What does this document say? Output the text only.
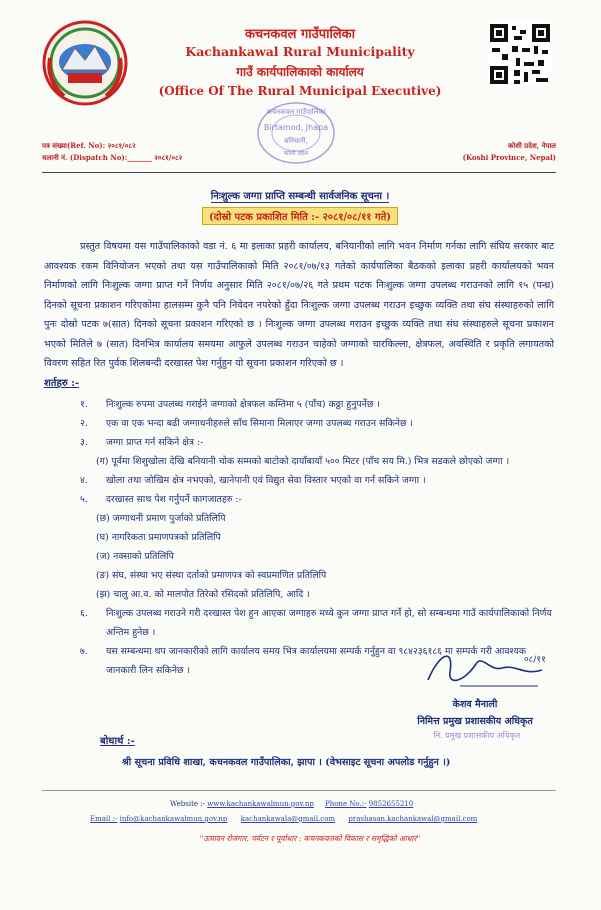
कचनकवल गाउँपालिका
Kachankawal Rural Municipality
गाउँ कार्यपालिकाको कार्यालय
(Office Of The Rural Municipal Executive)
कचनकवल गाउँपालिका
Birtamod, Jhapa
बनियानी,
कोशी प्रदेश
पत्र संख्या(Ref. No): २०८१/०८२
चलानी नं. (Dispatch No):_______ २०८१/०८२
कोशी प्रदेश, नेपाल
(Koshi Province, Nepal)
निःशुल्क जग्गा प्राप्ति सम्बन्धी सार्वजनिक सूचना ।
(दोस्रो पटक प्रकाशित मिति :- २०८१/०८/११ गते)
प्रस्तुत विषयमा यस गाउँपालिकाको वडा नं. ६ मा इलाका प्रहरी कार्यालय, बनियानीको लागि भवन निर्माण गर्नका लागि संघिय सरकार बाट आवश्यक रकम विनियोजन भएको तथा यस गाउँपालिकाको मिति २०८१/०७/१३ गतेको कार्यपालिका बैठकको इलाका प्रहरी कार्यालयको भवन निर्माणको लागि निःशुल्क जग्गा प्राप्त गर्ने निर्णय अनुसार मिति २०८१/०७/२६ गते प्रथम पटक निःशुल्क जग्गा उपलब्ध गराउनको लागि १५ (पन्ध्र) दिनको सूचना प्रकाशन गरिएकोमा हालसम्म कुनै पनि निवेदन नपरेको हुँदा निःशुल्क जग्गा उपलब्ध गराउन इच्छुक व्यक्ति तथा संघ संस्थाहरुको लागि पुनः दोस्रो पटक ७(सात) दिनको सूचना प्रकाशन गरिएको छ । निःशुल्क जग्गा उपलब्ध गराउन इच्छुक व्यक्ति तथा संघ संस्थाहरुले सूचना प्रकाशन भएको मितिले ७ (सात) दिनभित्र कार्यालय समयमा आफुले उपलब्ध गराउन चाहेको जग्गाको चारकिल्ला, क्षेत्रफल, अवस्थिति र प्रकृति लगायतको विवरण सहित रित पुर्वक शिलबन्दी दरखास्त पेश गर्नुहुन यो सूचना प्रकाशन गरिएको छ ।
शर्तहरु :-
१. निःशुल्क रुपमा उपलब्ध गराईने जग्गाको क्षेत्रफल कम्तिमा ५ (पाँच) कठ्ठा हुनुपर्नेछ ।
२. एक वा एक भन्दा बढी जग्गाधनीहरुले साँध सिमाना मिलाएर जग्गा उपलब्ध गराउन सकिनेछ ।
३. जग्गा प्राप्त गर्न सकिने क्षेत्र :-
(ग) पूर्वमा शिशुखोला देखि बनियानी चोक सम्मको बाटोको दायाँबायाँ ५०० मिटर (पाँच सय मि.) भित्र सडकले छोएको जग्गा ।
४. खोला तथा जोखिम क्षेत्र नभएको, खानेपानी एवं विद्युत सेवा विस्तार भएको वा गर्न सकिने जग्गा ।
५. दरखास्त साथ पेश गर्नुपर्ने कागजातहरु :-
(छ) जग्गाधनी प्रमाण पुर्जाको प्रतिलिपि
(घ) नागरिकता प्रमाणपत्रको प्रतिलिपि
(ज) नक्साको प्रतिलिपि
(ङ) संघ, संस्था भए संस्था दर्ताको प्रमाणपत्र को स्वप्रमाणित प्रतिलिपि
(झ) चालु आ.व. को मालपोत तिरेको रसिदको प्रतिलिपि, आदि ।
६. निःशुल्क उपलब्ध गराउने गरी दरखास्त पेश हुन आएका जग्गाहरु मध्ये कुन जग्गा प्राप्त गर्ने हो, सो सम्बन्धमा गाउँ कार्यपालिकाको निर्णय अन्तिम हुनेछ ।
७. यस सम्बन्धमा थप जानकारीको लागि कार्यालय समय भित्र कार्यालयमा सम्पर्क गर्नुहुन वा ९८४२३६१८६ मा सम्पर्क गरी आवश्यक जानकारी लिन सकिनेछ ।
०८/११
केशव मैनाली
निमित्त प्रमुख प्रशासकीय अधिकृत
नि. प्रमुख प्रशासकीय अधिकृत
बोधार्थ :-
श्री सूचना प्रविधि शाखा, कचनकवल गाउँपालिका, झापा । (वेभसाइट सूचना अपलोड गर्नुहुन ।)
Website :- www.kachankawalmun.gov.np Phone No.:- 9852655210
Email :- info@kachankawalmun.gov.np kachankawala@gmail.com prashasan.kachankawal@gmail.com
''उत्पादन रोजगार, पर्यटन र पूर्वाधार : कचनकवलको विकास र समृद्धिको आधार''
